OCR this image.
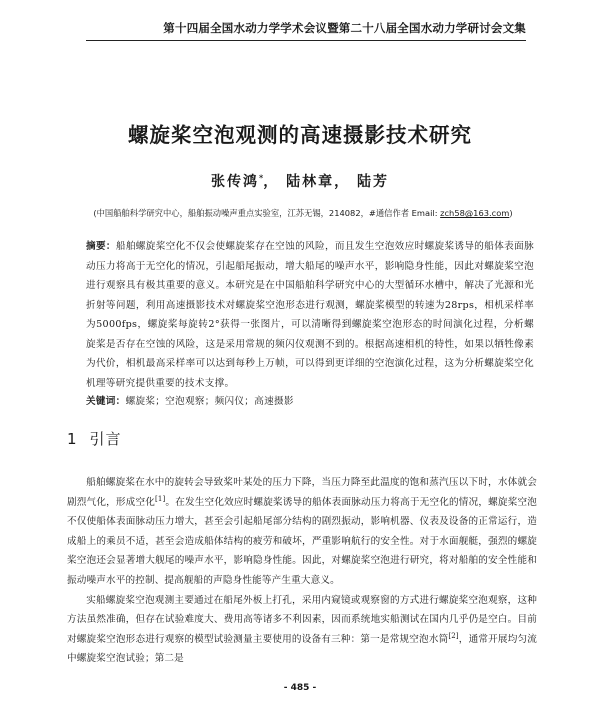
第十四届全国水动力学学术会议暨第二十八届全国水动力学研讨会文集
螺旋桨空泡观测的高速摄影技术研究
张传鸿*， 陆林章， 陆芳
(中国船舶科学研究中心，船舶振动噪声重点实验室，江苏无锡，214082，#通信作者 Email: zch58@163.com)
摘要：船舶螺旋桨空化不仅会使螺旋桨存在空蚀的风险，而且发生空泡效应时螺旋桨诱导的船体表面脉动压力将高于无空化的情况，引起船尾振动，增大船尾的噪声水平，影响隐身性能，因此对螺旋桨空泡进行观察具有极其重要的意义。本研究是在中国船舶科学研究中心的大型循环水槽中，解决了光源和光折射等问题，利用高速摄影技术对螺旋桨空泡形态进行观测，螺旋桨模型的转速为28rps，相机采样率为5000fps，螺旋桨每旋转2°获得一张图片，可以清晰得到螺旋桨空泡形态的时间演化过程，分析螺旋桨是否存在空蚀的风险，这是采用常规的频闪仪观测不到的。根据高速相机的特性，如果以牺牲像素为代价，相机最高采样率可以达到每秒上万帧，可以得到更详细的空泡演化过程，这为分析螺旋桨空化机理等研究提供重要的技术支撑。
关键词：螺旋桨；空泡观察；频闪仪；高速摄影
1 引言

船舶螺旋桨在水中的旋转会导致桨叶某处的压力下降，当压力降至此温度的饱和蒸汽压以下时，水体就会剧烈气化，形成空化[1]。在发生空化效应时螺旋桨诱导的船体表面脉动压力将高于无空化的情况，螺旋桨空泡不仅使船体表面脉动压力增大，甚至会引起船尾部分结构的剧烈振动，影响机器、仪表及设备的正常运行，造成船上的乘员不适，甚至会造成船体结构的疲劳和破坏，严重影响航行的安全性。对于水面舰艇，强烈的螺旋桨空泡还会显著增大舰尾的噪声水平，影响隐身性能。因此，对螺旋桨空泡进行研究，将对船舶的安全性能和振动噪声水平的控制、提高舰船的声隐身性能等产生重大意义。

实船螺旋桨空泡观测主要通过在船尾外板上打孔，采用内窥镜或观察窗的方式进行螺旋桨空泡观察，这种方法虽然准确，但存在试验难度大、费用高等诸多不利因素，因而系统地实船测试在国内几乎仍是空白。目前对螺旋桨空泡形态进行观察的模型试验测量主要使用的设备有三种：第一是常规空泡水筒[2]，通常开展均匀流中螺旋桨空泡试验；第二是

- 485 -
